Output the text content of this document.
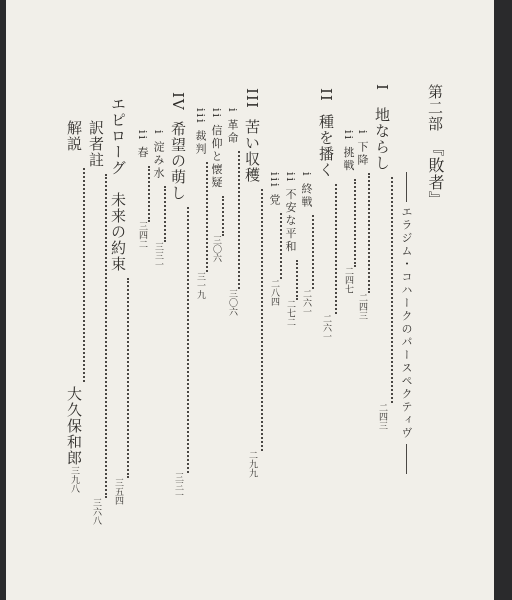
第二部『敗者』
エラジム・コハークのパースペクティヴ
I地ならし二四三
i 下降二四三
ii 挑戦二四七
II種を播く二六一
i 終戦二六一
ii 不安な平和二七二
iii 党二八四
III苦い収穫二九九
i 革命三〇六
ii 信仰と懐疑三〇六
iii 裁判三一九
IV希望の萌し三三一
i 淀み水三三一
ii 春三四二
エピローグ　未来の約束三五四
訳者註三六八
解説大久保和郎三九八
